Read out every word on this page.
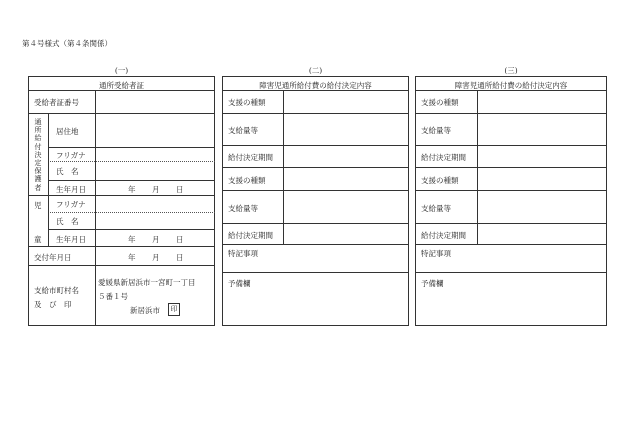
第４号様式（第４条関係）
(一)
通所受給者証
受給者証番号
通
所
給
付
決
定
保
護
者
居住地
フリガナ
氏　名
生年月日	年 月 日
児
童
フリガナ
氏　名
生年月日	年 月 日
交付年月日	年 月 日
支給市町村名
及　び　印
愛媛県新居浜市一宮町一丁目
５番１号
新居浜市	印
(二)
障害児通所給付費の給付決定内容
支援の種類
支給量等
給付決定期間
支援の種類
支給量等
給付決定期間
特記事項
予備欄
(三)
障害児通所給付費の給付決定内容
支援の種類
支給量等
給付決定期間
支援の種類
支給量等
給付決定期間
特記事項
予備欄
